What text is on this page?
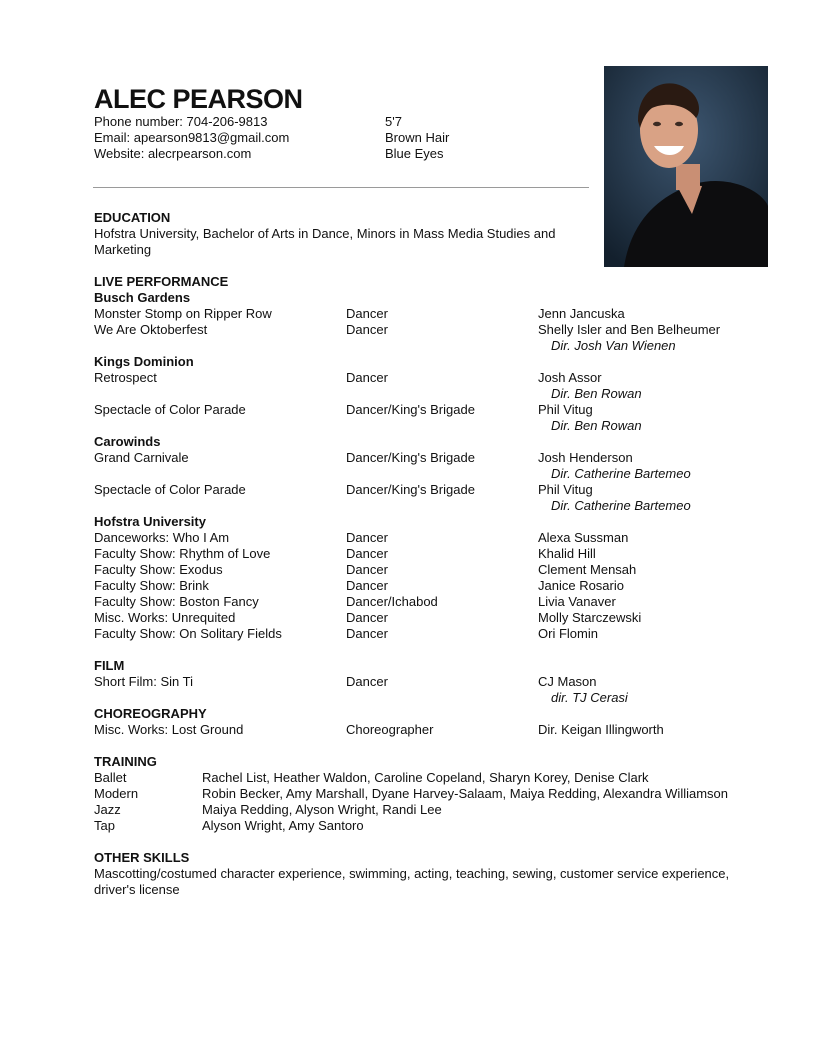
ALEC PEARSON
Phone number: 704-206-9813
Email: apearson9813@gmail.com
Website: alecrpearson.com
5'7
Brown Hair
Blue Eyes
EDUCATION
Hofstra University, Bachelor of Arts in Dance, Minors in Mass Media Studies and
Marketing
LIVE PERFORMANCE
Busch Gardens
Monster Stomp on Ripper Row	Dancer	Jenn Jancuska
We Are Oktoberfest	Dancer	Shelly Isler and Ben Belheumer
Dir. Josh Van Wienen
Kings Dominion
Retrospect	Dancer	Josh Assor
Dir. Ben Rowan
Spectacle of Color Parade	Dancer/King's Brigade	Phil Vitug
Dir. Ben Rowan
Carowinds
Grand Carnivale	Dancer/King's Brigade	Josh Henderson
Dir. Catherine Bartemeo
Spectacle of Color Parade	Dancer/King's Brigade	Phil Vitug
Dir. Catherine Bartemeo
Hofstra University
Danceworks: Who I Am	Dancer	Alexa Sussman
Faculty Show: Rhythm of Love	Dancer	Khalid Hill
Faculty Show: Exodus	Dancer	Clement Mensah
Faculty Show: Brink	Dancer	Janice Rosario
Faculty Show: Boston Fancy	Dancer/Ichabod	Livia Vanaver
Misc. Works: Unrequited	Dancer	Molly Starczewski
Faculty Show: On Solitary Fields	Dancer	Ori Flomin
FILM
Short Film: Sin Ti	Dancer	CJ Mason
dir. TJ Cerasi
CHOREOGRAPHY
Misc. Works: Lost Ground	Choreographer	Dir. Keigan Illingworth
TRAINING
Ballet	Rachel List, Heather Waldon, Caroline Copeland, Sharyn Korey, Denise Clark
Modern	Robin Becker, Amy Marshall, Dyane Harvey-Salaam, Maiya Redding, Alexandra Williamson
Jazz	Maiya Redding, Alyson Wright, Randi Lee
Tap	Alyson Wright, Amy Santoro
OTHER SKILLS
Mascotting/costumed character experience, swimming, acting, teaching, sewing, customer service experience,
driver's license
